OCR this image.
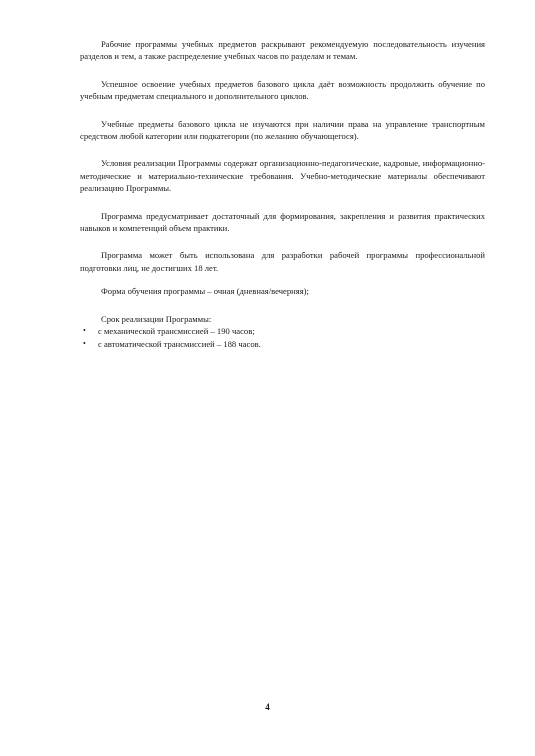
Рабочие программы учебных предметов раскрывают рекомендуемую последовательность изучения разделов и тем, а также распределение учебных часов по разделам и темам.

Успешное освоение учебных предметов базового цикла даёт возможность продолжить обучение по учебным предметам специального и дополнительного циклов.

Учебные предметы базового цикла не изучаются при наличии права на управление транспортным средством любой категории или подкатегории (по желанию обучающегося).

Условия реализации Программы содержат организационно-педагогические, кадровые, информационно-методические и материально-технические требования. Учебно-методические материалы обеспечивают реализацию Программы.

Программа предусматривает достаточный для формирования, закрепления и развития практических навыков и компетенций объем практики.

Программа может быть использована для разработки рабочей программы профессиональной подготовки лиц, не достигших 18 лет.

Форма обучения программы – очная (дневная/вечерняя);

Срок реализации Программы:

• с механической трансмиссией – 190 часов;
• с автоматической трансмиссией – 188 часов.
4
